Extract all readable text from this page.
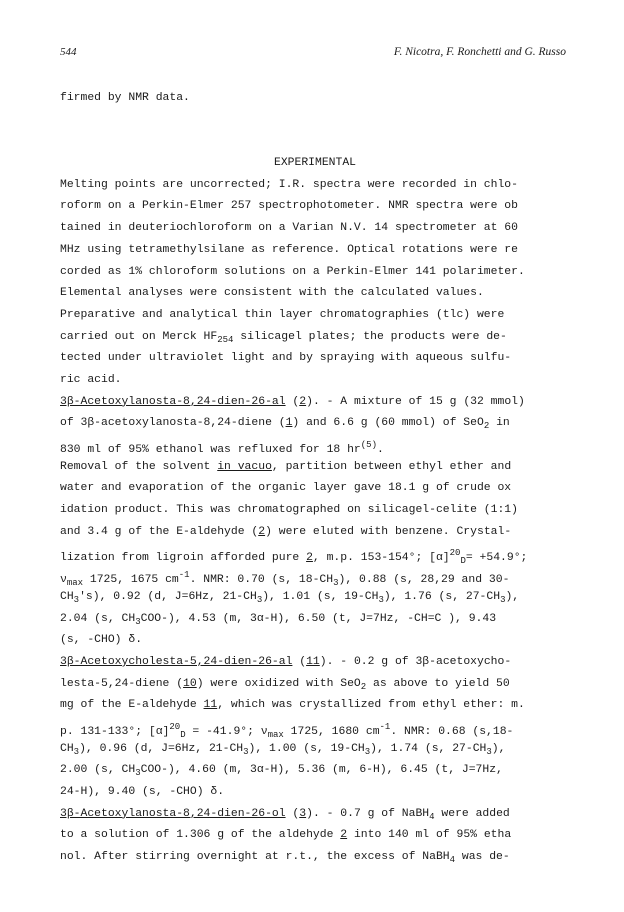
544	F. Nicotra, F. Ronchetti and G. Russo
firmed by NMR data.
EXPERIMENTAL
Melting points are uncorrected; I.R. spectra were recorded in chlo-
roform on a Perkin-Elmer 257 spectrophotometer. NMR spectra were ob
tained in deuteriochloroform on a Varian N.V. 14 spectrometer at 60
MHz using tetramethylsilane as reference. Optical rotations were re
corded as 1% chloroform solutions on a Perkin-Elmer 141 polarimeter.
Elemental analyses were consistent with the calculated values.
Preparative and analytical thin layer chromatographies (tlc) were
carried out on Merck $HF_{254}$ silicagel plates; the products were de-
tected under ultraviolet light and by spraying with aqueous sulfu-
ric acid.
3β-Acetoxylanosta-8,24-dien-26-al (2). - A mixture of 15 g (32 mmol)
of 3β-acetoxylanosta-8,24-diene (1) and 6.6 g (60 mmol) of SeO$_2$ in
830 ml of 95% ethanol was refluxed for 18 $hr^{(5)}$.
Removal of the solvent in vacuo, partition between ethyl ether and
water and evaporation of the organic layer gave 18.1 g of crude ox
idation product. This was chromatographed on silicagel-celite (1:1)
and 3.4 g of the E-aldehyde (2) were eluted with benzene. Crystal-
lization from ligroin afforded pure 2, m.p. 153-154°; $[\alpha]^{20}_D= +54.9^\circ$;
$\nu_{max}$ 1725, 1675 $cm^{-1}$. NMR: 0.70 (s, $18-CH_3$), 0.88 (s, 28,29 and 30-
$CH_3's$), 0.92 (d, J=6Hz, $21-CH_3$), 1.01 (s, $19-CH_3$), 1.76 (s, $27-CH_3$),
2.04 (s, $CH_3COO-$), 4.53 (m, 3α-H), 6.50 (t, J=7Hz, -CH=C ), 9.43
(s, -CHO) δ.
3β-Acetoxycholesta-5,24-dien-26-al (11). - 0.2 g of 3β-acetoxycho-
lesta-5,24-diene (10) were oxidized with SeO$_2$ as above to yield 50
mg of the E-aldehyde 11, which was crystallized from ethyl ether: m.
p. 131-133°; $[\alpha]^{20}_D = -41.9^\circ$; $\nu_{max}$ 1725, 1680 $cm^{-1}$. NMR: 0.68 (s,18-
$CH_3$), 0.96 (d, J=6Hz, $21-CH_3$), 1.00 (s, $19-CH_3$), 1.74 (s, $27-CH_3$),
2.00 (s, $CH_3COO-$), 4.60 (m, 3α-H), 5.36 (m, 6-H), 6.45 (t, J=7Hz,
24-H), 9.40 (s, -CHO) δ.
3β-Acetoxylanosta-8,24-dien-26-ol (3). - 0.7 g of NaBH$_4$ were added
to a solution of 1.306 g of the aldehyde 2 into 140 ml of 95% etha
nol. After stirring overnight at r.t., the excess of NaBH$_4$ was de-
